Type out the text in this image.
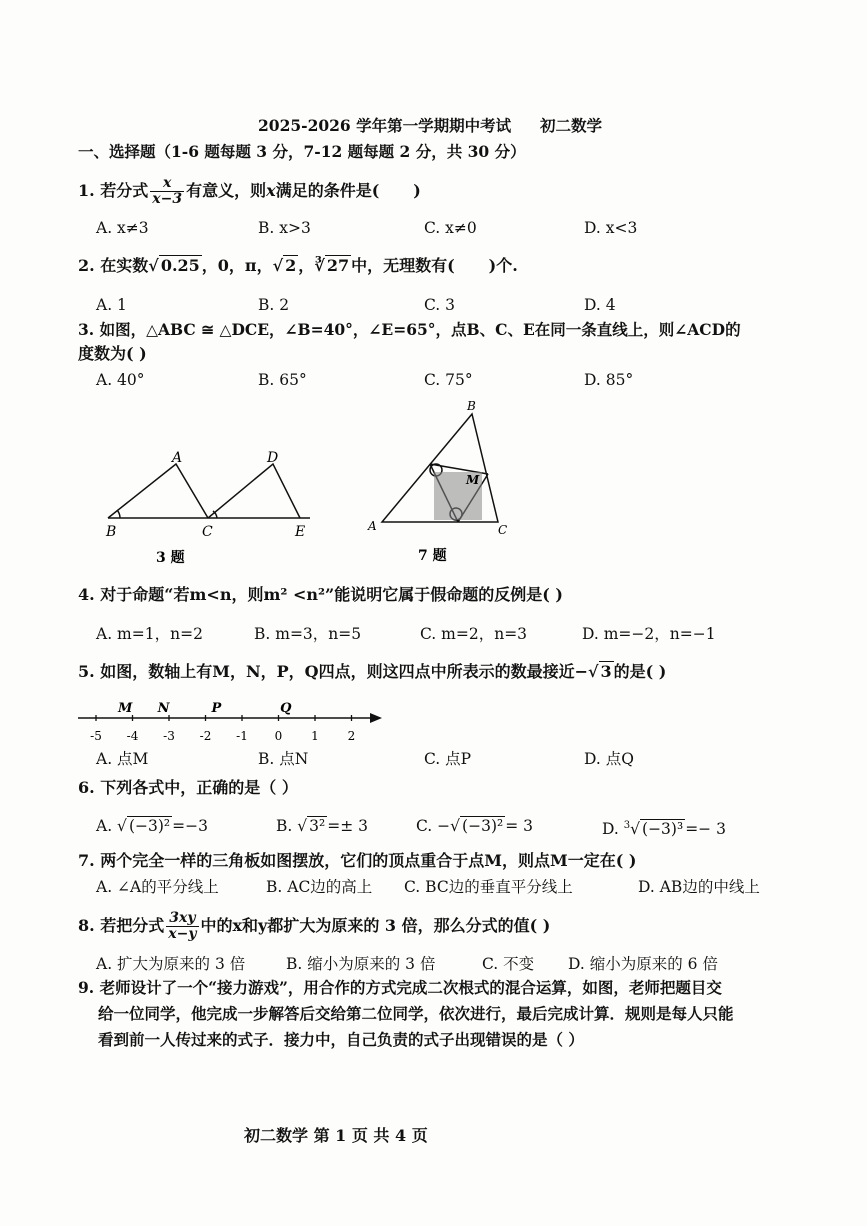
2025-2026 学年第一学期期中考试 初二数学
一、选择题（1-6 题每题 3 分，7-12 题每题 2 分，共 30 分）
1. 若分式 $\frac{x}{x-3}$ 有意义，则x满足的条件是( )
A. x≠3	B. x>3	C. x≠0	D. x<3
2. 在实数√ 0.25 ，0，π，√ 2 ，∛ 27 中，无理数有( )个.
A. 1	B. 2	C. 3	D. 4
3. 如图，△ABC ≅ △DCE，∠B=40°，∠E=65°，点B、C、E在同一条直线上，则∠ACD的
度数为( )
A. 40°	B. 65°	C. 75°	D. 85°
A
B	C
D
E
3 题
B
A	C
M
7 题
4. 对于命题“若m<n，则m² <n²”能说明它属于假命题的反例是( )
A. m=1，n=2	B. m=3，n=5	C. m=2，n=3	D. m=−2，n=−1
5. 如图，数轴上有M，N，P，Q四点，则这四点中所表示的数最接近−√ 3 的是( )
-5 -4 -3 -2 -1 0 1 2
M N	P	Q
A. 点M	B. 点N	C. 点P	D. 点Q
6. 下列各式中，正确的是（ ）
A. √ (−3)² =−3	B. √ 3² =± 3	C. −√ (−3)² = 3	D. $^3$√ (−3)³ =− 3
7. 两个完全一样的三角板如图摆放，它们的顶点重合于点M，则点M一定在( )
A. ∠A的平分线上	B. AC边的高上 C. BC边的垂直平分线上	D. AB边的中线上
8. 若把分式 $\frac{3xy}{x-y}$ 中的x和y都扩大为原来的 3 倍，那么分式的值( )
A. 扩大为原来的 3 倍	B. 缩小为原来的 3 倍	C. 不变 D. 缩小为原来的 6 倍
9. 老师设计了一个“接力游戏”，用合作的方式完成二次根式的混合运算，如图，老师把题目交
给一位同学，他完成一步解答后交给第二位同学，依次进行，最后完成计算．规则是每人只能
看到前一人传过来的式子．接力中，自己负责的式子出现错误的是（ ）
初二数学 第 1 页 共 4 页
